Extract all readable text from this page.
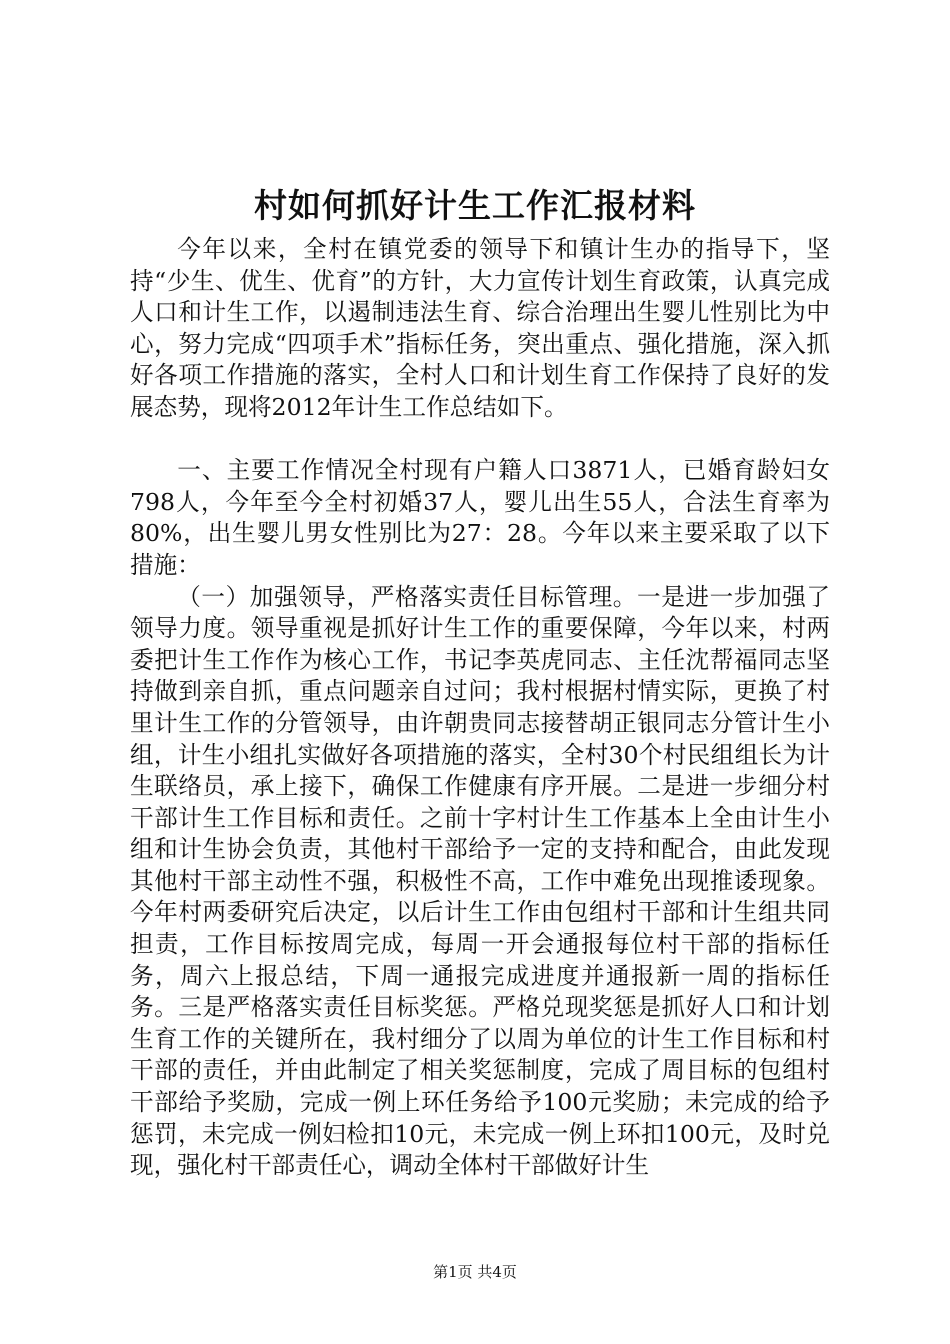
村如何抓好计生工作汇报材料

今年以来，全村在镇党委的领导下和镇计生办的指导下，坚持“少生、优生、优育”的方针，大力宣传计划生育政策，认真完成人口和计生工作，以遏制违法生育、综合治理出生婴儿性别比为中心，努力完成“四项手术”指标任务，突出重点、强化措施，深入抓好各项工作措施的落实，全村人口和计划生育工作保持了良好的发展态势，现将2012年计生工作总结如下。

一、主要工作情况全村现有户籍人口3871人，已婚育龄妇女798人，今年至今全村初婚37人，婴儿出生55人，合法生育率为80%，出生婴儿男女性别比为27：28。今年以来主要采取了以下措施：

（一）加强领导，严格落实责任目标管理。一是进一步加强了领导力度。领导重视是抓好计生工作的重要保障，今年以来，村两委把计生工作作为核心工作，书记李英虎同志、主任沈帮福同志坚持做到亲自抓，重点问题亲自过问；我村根据村情实际，更换了村里计生工作的分管领导，由许朝贵同志接替胡正银同志分管计生小组，计生小组扎实做好各项措施的落实，全村30个村民组组长为计生联络员，承上接下，确保工作健康有序开展。二是进一步细分村干部计生工作目标和责任。之前十字村计生工作基本上全由计生小组和计生协会负责，其他村干部给予一定的支持和配合，由此发现其他村干部主动性不强，积极性不高，工作中难免出现推诿现象。今年村两委研究后决定，以后计生工作由包组村干部和计生组共同担责，工作目标按周完成，每周一开会通报每位村干部的指标任务，周六上报总结，下周一通报完成进度并通报新一周的指标任务。三是严格落实责任目标奖惩。严格兑现奖惩是抓好人口和计划生育工作的关键所在，我村细分了以周为单位的计生工作目标和村干部的责任，并由此制定了相关奖惩制度，完成了周目标的包组村干部给予奖励，完成一例上环任务给予100元奖励；未完成的给予惩罚，未完成一例妇检扣10元，未完成一例上环扣100元，及时兑现，强化村干部责任心，调动全体村干部做好计生

第1页 共4页
